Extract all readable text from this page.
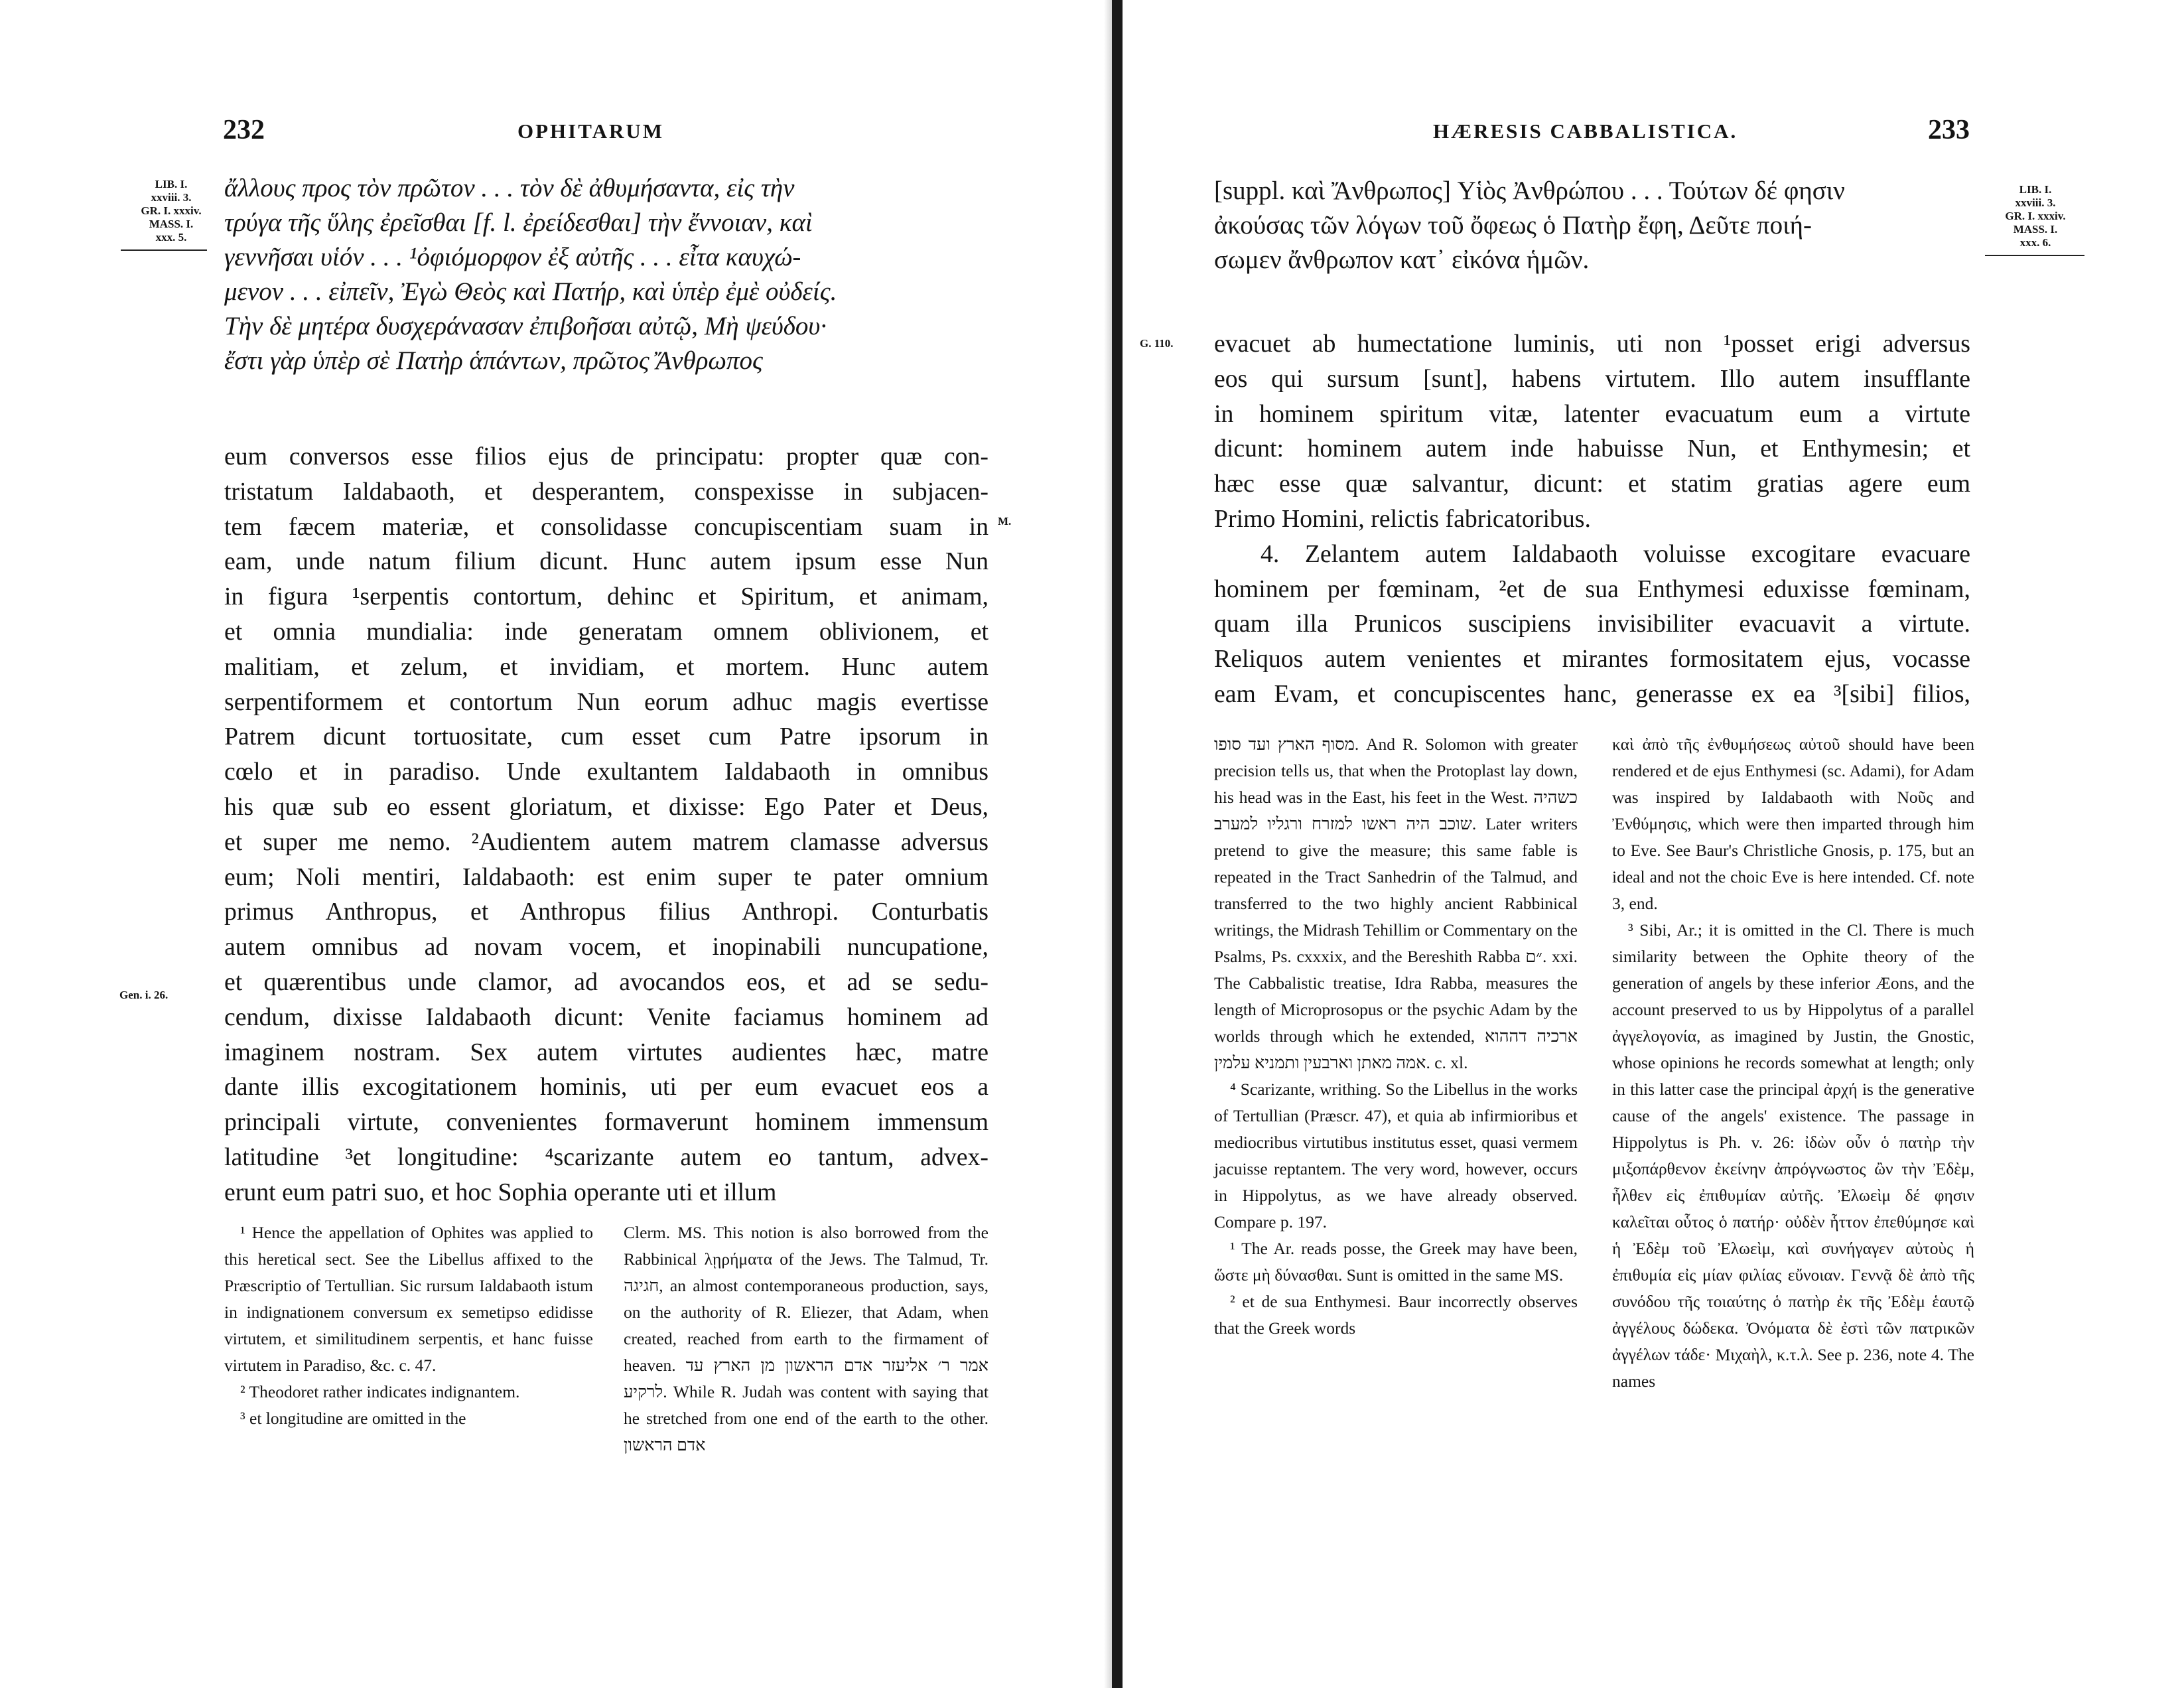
232	OPHITARUM
LIB. I.
xxviii. 3.
GR. I. xxxiv.
MASS. I.
xxx. 5.
ἄλλους προς τὸν πρῶτον . . . τὸν δὲ ἀθυμήσαντα, εἰς τὴν
τρύγα τῆς ὕλης ἐρεῖσθαι [f. l. ἐρείδεσθαι] τὴν ἔννοιαν, καὶ
γεννῆσαι υἱόν . . . ¹ὀφιόμορφον ἐξ αὐτῆς . . . εἶτα καυχώ-
μενον . . . εἰπεῖν, Ἐγὼ Θεὸς καὶ Πατήρ, καὶ ὑπὲρ ἐμὲ οὐδείς.
Τὴν δὲ μητέρα δυσχεράνασαν ἐπιβοῆσαι αὐτῷ, Μὴ ψεύδου·
ἔστι γὰρ ὑπὲρ σὲ Πατὴρ ἁπάντων, πρῶτος Ἄνθρωπος
M.
Gen. i. 26.
eum conversos esse filios ejus de principatu: propter quæ con-
tristatum Ialdabaoth, et desperantem, conspexisse in subjacen-
tem fæcem materiæ, et consolidasse concupiscentiam suam in
eam, unde natum filium dicunt. Hunc autem ipsum esse Nun
in figura ¹serpentis contortum, dehinc et Spiritum, et animam,
et omnia mundialia: inde generatam omnem oblivionem, et
malitiam, et zelum, et invidiam, et mortem. Hunc autem
serpentiformem et contortum Nun eorum adhuc magis evertisse
Patrem dicunt tortuositate, cum esset cum Patre ipsorum in
cœlo et in paradiso. Unde exultantem Ialdabaoth in omnibus
his quæ sub eo essent gloriatum, et dixisse: Ego Pater et Deus,
et super me nemo. ²Audientem autem matrem clamasse adversus
eum; Noli mentiri, Ialdabaoth: est enim super te pater omnium
primus Anthropus, et Anthropus filius Anthropi. Conturbatis
autem omnibus ad novam vocem, et inopinabili nuncupatione,
et quærentibus unde clamor, ad avocandos eos, et ad se sedu-
cendum, dixisse Ialdabaoth dicunt: Venite faciamus hominem ad
imaginem nostram. Sex autem virtutes audientes hæc, matre
dante illis excogitationem hominis, uti per eum evacuet eos a
principali virtute, convenientes formaverunt hominem immensum
latitudine ³et longitudine: ⁴scarizante autem eo tantum, advex-
erunt eum patri suo, et hoc Sophia operante uti et illum

¹ Hence the appellation of Ophites was applied to this heretical sect. See the Libellus affixed to the Præscriptio of Tertullian. Sic rursum Ialdabaoth istum in indignationem conversum ex semetipso edidisse virtutem, et similitudinem serpentis, et hanc fuisse virtutem in Paradiso, &c. c. 47.

² Theodoret rather indicates indignantem.

³ et longitudine are omitted in the

Clerm. MS. This notion is also borrowed from the Rabbinical λῃρήματα of the Jews. The Talmud, Tr. חגיגה, an almost contemporaneous production, says, on the authority of R. Eliezer, that Adam, when created, reached from earth to the firmament of heaven. אמר ר׳ אליעזר אדם הראשון מן הארץ עד לרקיע. While R. Judah was content with saying that he stretched from one end of the earth to the other. אדם הראשון

HÆRESIS CABBALISTICA.	233
LIB. I.
xxviii. 3.
GR. I. xxxiv.
MASS. I.
xxx. 6.
[suppl. καὶ Ἄνθρωπος] Υἱὸς Ἀνθρώπου . . . Τούτων δέ φησιν
ἀκούσας τῶν λόγων τοῦ ὄφεως ὁ Πατὴρ ἔφη, Δεῦτε ποιή-
σωμεν ἄνθρωπον κατ᾽ εἰκόνα ἡμῶν.
G. 110. evacuet ab humectatione luminis, uti non ¹posset erigi adversus
eos qui sursum [sunt], habens virtutem. Illo autem insufflante
in hominem spiritum vitæ, latenter evacuatum eum a virtute
dicunt: hominem autem inde habuisse Nun, et Enthymesin; et
hæc esse quæ salvantur, dicunt: et statim gratias agere eum
Primo Homini, relictis fabricatoribus.
4. Zelantem autem Ialdabaoth voluisse excogitare evacuare
hominem per fœminam, ²et de sua Enthymesi eduxisse fœminam,
quam illa Prunicos suscipiens invisibiliter evacuavit a virtute.
Reliquos autem venientes et mirantes formositatem ejus, vocasse
eam Evam, et concupiscentes hanc, generasse ex ea ³[sibi] filios,

מסוף הארץ ועד סופו. And R. Solomon with greater precision tells us, that when the Protoplast lay down, his head was in the East, his feet in the West. כשהיה שוכב היה ראשו למזרח ורגליו למערב. Later writers pretend to give the measure; this same fable is repeated in the Tract Sanhedrin of the Talmud, and transferred to the two highly ancient Rabbinical writings, the Midrash Tehillim or Commentary on the Psalms, Ps. cxxxix, and the Bereshith Rabba ״ם. xxi. The Cabbalistic treatise, Idra Rabba, measures the length of Microprosopus or the psychic Adam by the worlds through which he extended, ארכיה דההוא אמה מאתן וארבעין ותמניא עלמין. c. xl.

⁴ Scarizante, writhing. So the Libellus in the works of Tertullian (Præscr. 47), et quia ab infirmioribus et mediocribus virtutibus institutus esset, quasi vermem jacuisse reptantem. The very word, however, occurs in Hippolytus, as we have already observed. Compare p. 197.

¹ The Ar. reads posse, the Greek may have been, ὥστε μὴ δύνασθαι. Sunt is omitted in the same MS.

² et de sua Enthymesi. Baur incorrectly observes that the Greek words

καὶ ἀπὸ τῆς ἐνθυμήσεως αὐτοῦ should have been rendered et de ejus Enthymesi (sc. Adami), for Adam was inspired by Ialdabaoth with Νοῦς and Ἐνθύμησις, which were then imparted through him to Eve. See Baur's Christliche Gnosis, p. 175, but an ideal and not the choic Eve is here intended. Cf. note 3, end.

³ Sibi, Ar.; it is omitted in the Cl. There is much similarity between the Ophite theory of the generation of angels by these inferior Æons, and the account preserved to us by Hippolytus of a parallel ἀγγελογονία, as imagined by Justin, the Gnostic, whose opinions he records somewhat at length; only in this latter case the principal ἀρχή is the generative cause of the angels' existence. The passage in Hippolytus is Ph. v. 26: ἰδὼν οὖν ὁ πατὴρ τὴν μιξοπάρθενον ἐκείνην ἀπρόγνωστος ὢν τὴν Ἐδὲμ, ἦλθεν εἰς ἐπιθυμίαν αὐτῆς. Ἐλωεὶμ δέ φησιν καλεῖται οὗτος ὁ πατήρ· οὐδὲν ἧττον ἐπεθύμησε καὶ ἡ Ἐδὲμ τοῦ Ἐλωεὶμ, καὶ συνήγαγεν αὐτοὺς ἡ ἐπιθυμία εἰς μίαν φιλίας εὔνοιαν. Γεννᾷ δὲ ἀπὸ τῆς συνόδου τῆς τοιαύτης ὁ πατὴρ ἐκ τῆς Ἐδὲμ ἑαυτῷ ἀγγέλους δώδεκα. Ὀνόματα δὲ ἐστὶ τῶν πατρικῶν ἀγγέλων τάδε· Μιχαὴλ, κ.τ.λ. See p. 236, note 4. The names
